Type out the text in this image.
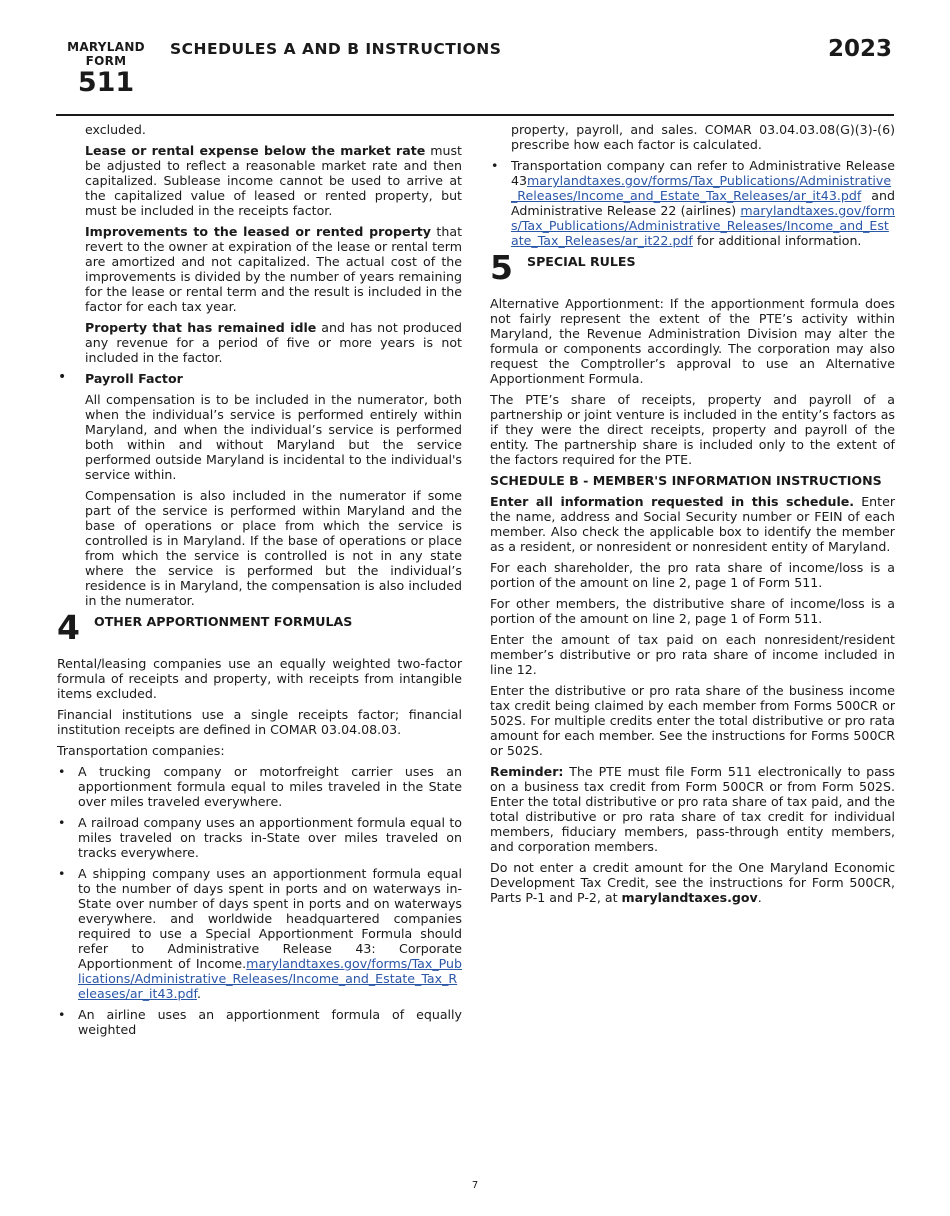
MARYLAND
FORM
511
SCHEDULES A AND B INSTRUCTIONS	2023

excluded.

Lease or rental expense below the market rate must be adjusted to reflect a reasonable market rate and then capitalized. Sublease income cannot be used to arrive at the capitalized value of leased or rented property, but must be included in the receipts factor.

Improvements to the leased or rented property that revert to the owner at expiration of the lease or rental term are amortized and not capitalized. The actual cost of the improvements is divided by the number of years remaining for the lease or rental term and the result is included in the factor for each tax year.

Property that has remained idle and has not produced any revenue for a period of five or more years is not included in the factor.

• Payroll Factor

All compensation is to be included in the numerator, both when the individual’s service is performed entirely within Maryland, and when the individual’s service is performed both within and without Maryland but the service performed outside Maryland is incidental to the individual's service within.

Compensation is also included in the numerator if some part of the service is performed within Maryland and the base of operations or place from which the service is controlled is in Maryland. If the base of operations or place from which the service is controlled is not in any state where the service is performed but the individual’s residence is in Maryland, the compensation is also included in the numerator.

4 OTHER APPORTIONMENT FORMULAS

Rental/leasing companies use an equally weighted two-factor formula of receipts and property, with receipts from intangible items excluded.

Financial institutions use a single receipts factor; financial institution receipts are defined in COMAR 03.04.08.03.

Transportation companies:

• A trucking company or motorfreight carrier uses an apportionment formula equal to miles traveled in the State over miles traveled everywhere.
• A railroad company uses an apportionment formula equal to miles traveled on tracks in-State over miles traveled on tracks everywhere.
• A shipping company uses an apportionment formula equal to the number of days spent in ports and on waterways in-State over number of days spent in ports and on waterways everywhere. and worldwide headquartered companies required to use a Special Apportionment Formula should refer to Administrative Release 43: Corporate Apportionment of Income.marylandtaxes.gov/forms/Tax_Publications/Administrative_Releases/Income_and_Estate_Tax_Releases/ar_it43.pdf.
• An airline uses an apportionment formula of equally weighted

property, payroll, and sales. COMAR 03.04.03.08(G)(3)-(6) prescribe how each factor is calculated.

• Transportation company can refer to Administrative Release 43marylandtaxes.gov/forms/Tax_Publications/Administrative_Releases/Income_and_Estate_Tax_Releases/ar_it43.pdf and Administrative Release 22 (airlines) marylandtaxes.gov/forms/Tax_Publications/Administrative_Releases/Income_and_Estate_Tax_Releases/ar_it22.pdf for additional information.
5 SPECIAL RULES

Alternative Apportionment: If the apportionment formula does not fairly represent the extent of the PTE’s activity within Maryland, the Revenue Administration Division may alter the formula or components accordingly. The corporation may also request the Comptroller’s approval to use an Alternative Apportionment Formula.

The PTE’s share of receipts, property and payroll of a partnership or joint venture is included in the entity’s factors as if they were the direct receipts, property and payroll of the entity. The partnership share is included only to the extent of the factors required for the PTE.

SCHEDULE B - MEMBER'S INFORMATION INSTRUCTIONS

Enter all information requested in this schedule. Enter the name, address and Social Security number or FEIN of each member. Also check the applicable box to identify the member as a resident, or nonresident or nonresident entity of Maryland.

For each shareholder, the pro rata share of income/loss is a portion of the amount on line 2, page 1 of Form 511.

For other members, the distributive share of income/loss is a portion of the amount on line 2, page 1 of Form 511.

Enter the amount of tax paid on each nonresident/resident member’s distributive or pro rata share of income included in line 12.

Enter the distributive or pro rata share of the business income tax credit being claimed by each member from Forms 500CR or 502S. For multiple credits enter the total distributive or pro rata amount for each member. See the instructions for Forms 500CR or 502S.

Reminder: The PTE must file Form 511 electronically to pass on a business tax credit from Form 500CR or from Form 502S. Enter the total distributive or pro rata share of tax paid, and the total distributive or pro rata share of tax credit for individual members, fiduciary members, pass-through entity members, and corporation members.

Do not enter a credit amount for the One Maryland Economic Development Tax Credit, see the instructions for Form 500CR, Parts P-1 and P-2, at marylandtaxes.gov.

7
